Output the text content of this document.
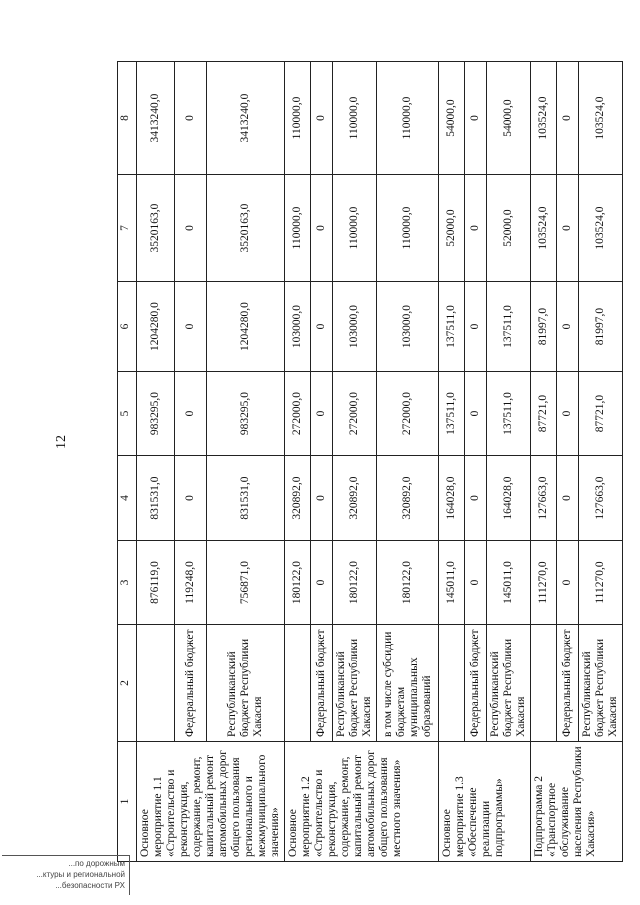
12
1	2	3	4	5	6	7	8
Основное мероприятие 1.1 «Строительство и реконструкция, содержание, ремонт, капитальный ремонт автомобильных дорог общего пользования регионального и межмуниципального значения»		876119,0	831531,0	983295,0	1204280,0	3520163,0	3413240,0
	Федеральный бюджет	119248,0	0	0	0	0	0
	Республиканский бюджет Республики Хакасия	756871,0	831531,0	983295,0	1204280,0	3520163,0	3413240,0
Основное мероприятие 1.2 «Строительство и реконструкция, содержание, ремонт, капитальный ремонт автомобильных дорог общего пользования местного значения»		180122,0	320892,0	272000,0	103000,0	110000,0	110000,0
	Федеральный бюджет	0	0	0	0	0	0
	Республиканский бюджет Республики Хакасия	180122,0	320892,0	272000,0	103000,0	110000,0	110000,0
	в том числе субсидии бюджетам муниципальных образований	180122,0	320892,0	272000,0	103000,0	110000,0	110000,0
Основное мероприятие 1.3 «Обеспечение реализации подпрограммы»		145011,0	164028,0	137511,0	137511,0	52000,0	54000,0
	Федеральный бюджет	0	0	0	0	0	0
	Республиканский бюджет Республики Хакасия	145011,0	164028,0	137511,0	137511,0	52000,0	54000,0
Подпрограмма 2 «Транспортное обслуживание населения Республики Хакасия»		111270,0	127663,0	87721,0	81997,0	103524,0	103524,0
	Федеральный бюджет	0	0	0	0	0	0
	Республиканский бюджет Республики Хакасия	111270,0	127663,0	87721,0	81997,0	103524,0	103524,0
...по дорожным
...ктуры и региональной
...безопасности РХ
